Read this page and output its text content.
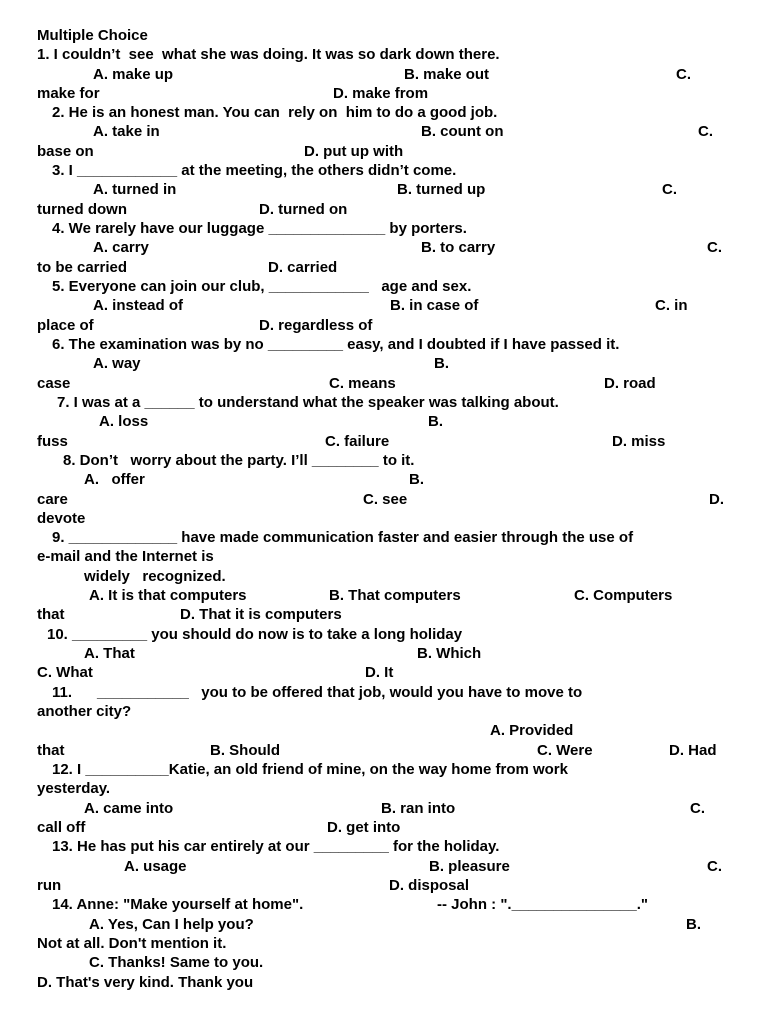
Multiple Choice
1. I couldn’t  see  what she was doing. It was so dark down there.
A. make up	B. make out	C.
make for	D. make from
2. He is an honest man. You can  rely on  him to do a good job.
A. take in	B. count on	C.
base on	D. put up with
3. I ____________ at the meeting, the others didn’t come.
A. turned in	B. turned up	C.
turned down	D. turned on
4. We rarely have our luggage ______________ by porters.
A. carry	B. to carry	C.
to be carried	D. carried
5. Everyone can join our club, ____________   age and sex.
A. instead of	B. in case of	C. in
place of	D. regardless of
6. The examination was by no _________ easy, and I doubted if I have passed it.
A. way	B.
case	C. means	D. road
7. I was at a ______ to understand what the speaker was talking about.
A. loss	B.
fuss	C. failure	D. miss
8. Don’t   worry about the party. I’ll ________ to it.
A.   offer	B.
care	C. see	D.
devote
9. _____________ have made communication faster and easier through the use of
e-mail and the Internet is
widely   recognized.
A. It is that computers	B. That computers	C. Computers
that	D. That it is computers
10. _________ you should do now is to take a long holiday
A. That	B. Which
C. What	D. It
11.      ___________   you to be offered that job, would you have to move to
another city?
A. Provided
that	B. Should	C. Were	D. Had
12. I __________Katie, an old friend of mine, on the way home from work
yesterday.
A. came into	B. ran into	C.
call off	D. get into
13. He has put his car entirely at our _________ for the holiday.
A. usage	B. pleasure	C.
run	D. disposal
14. Anne: "Make yourself at home".	-- John : "._______________."
A. Yes, Can I help you?	B.
Not at all. Don't mention it.
C. Thanks! Same to you.
D. That's very kind. Thank you
